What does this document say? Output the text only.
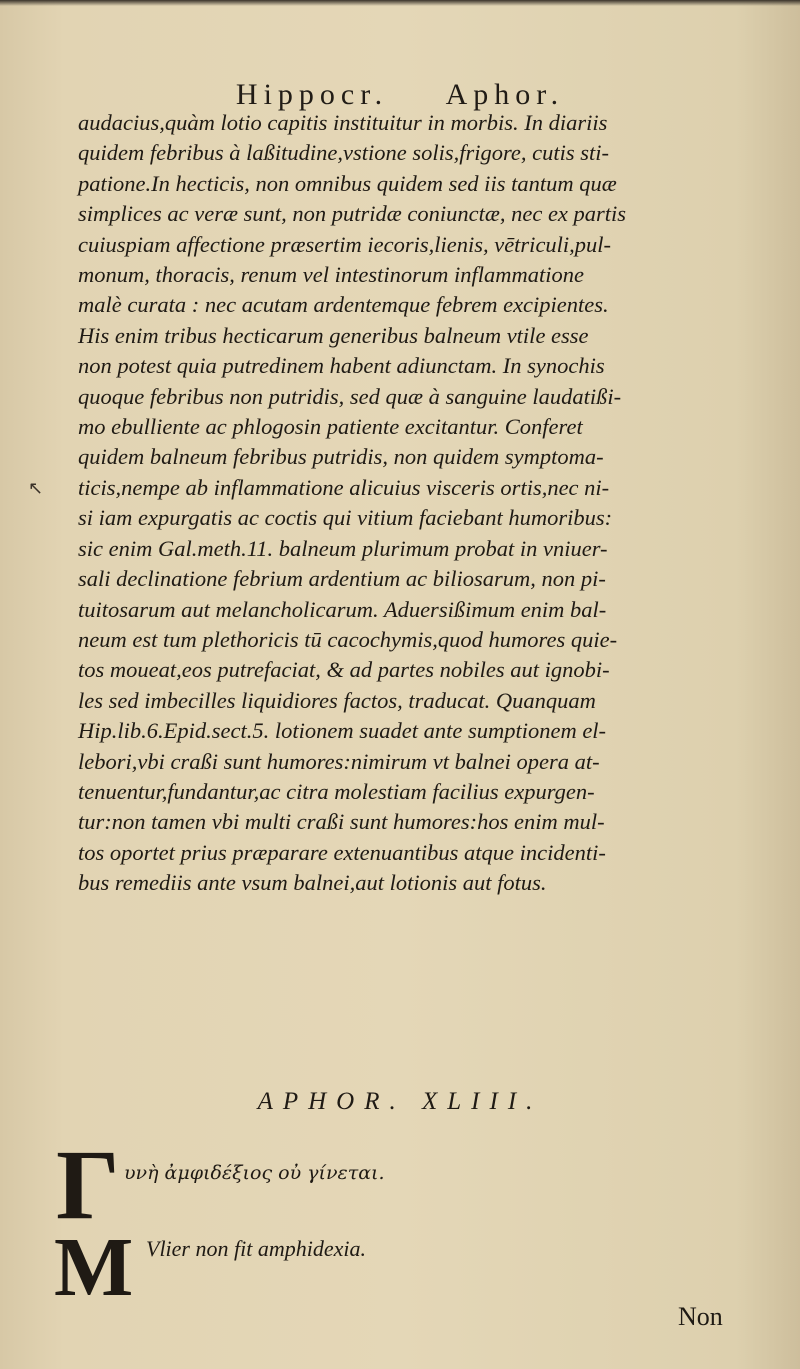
Hippocr. Aphor.
↖
audacius,quàm lotio capitis instituitur in morbis. In diariis
quidem febribus à laßitudine,vstione solis,frigore, cutis sti-
patione.In hecticis, non omnibus quidem sed iis tantum quæ
simplices ac veræ sunt, non putridæ coniunctæ, nec ex partis
cuiuspiam affectione præsertim iecoris,lienis, vētriculi,pul-
monum, thoracis, renum vel intestinorum inflammatione
malè curata : nec acutam ardentemque febrem excipientes.
His enim tribus hecticarum generibus balneum vtile esse
non potest quia putredinem habent adiunctam. In synochis
quoque febribus non putridis, sed quæ à sanguine laudatißi-
mo ebulliente ac phlogosin patiente excitantur. Conferet
quidem balneum febribus putridis, non quidem symptoma-
ticis,nempe ab inflammatione alicuius visceris ortis,nec ni-
si iam expurgatis ac coctis qui vitium faciebant humoribus:
sic enim Gal.meth.11. balneum plurimum probat in vniuer-
sali declinatione febrium ardentium ac biliosarum, non pi-
tuitosarum aut melancholicarum. Aduersißimum enim bal-
neum est tum plethoricis tū cacochymis,quod humores quie-
tos moueat,eos putrefaciat, & ad partes nobiles aut ignobi-
les sed imbecilles liquidiores factos, traducat. Quanquam
Hip.lib.6.Epid.sect.5. lotionem suadet ante sumptionem el-
lebori,vbi craßi sunt humores:nimirum vt balnei opera at-
tenuentur,fundantur,ac citra molestiam facilius expurgen-
tur:non tamen vbi multi craßi sunt humores:hos enim mul-
tos oportet prius præparare extenuantibus atque incidenti-
bus remediis ante vsum balnei,aut lotionis aut fotus.
APHOR. XLIII.
Γ υνὴ ἀμφιδέξιος οὐ γίνεται.
M Vlier non fit amphidexia.
Non
